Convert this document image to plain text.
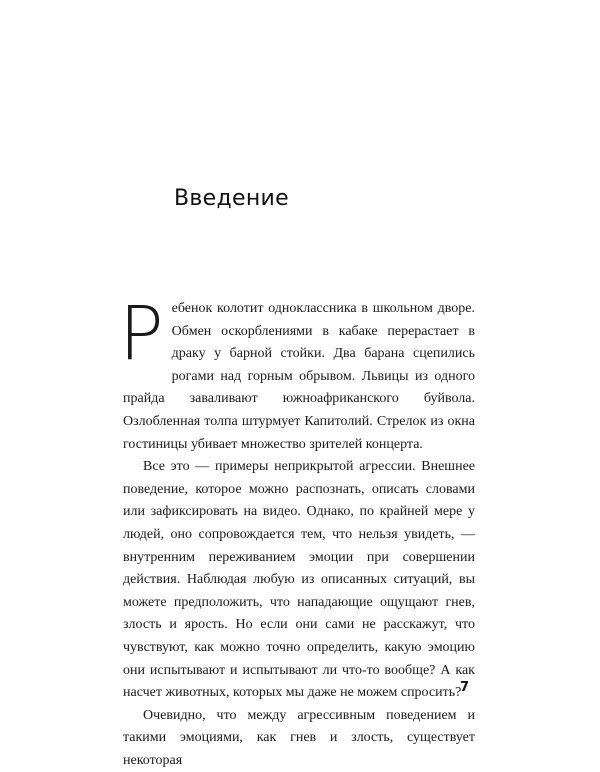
Введение

Ребенок колотит одноклассника в школьном дворе. Обмен оскорблениями в кабаке перерастает в драку у барной стойки. Два барана сцепились рогами над горным обрывом. Львицы из одного прайда заваливают южноафриканского буйвола. Озлобленная толпа штурмует Капитолий. Стрелок из окна гостиницы убивает множество зрителей концерта.

Все это — примеры неприкрытой агрессии. Внешнее поведение, которое можно распознать, описать словами или зафиксировать на видео. Однако, по крайней мере у людей, оно сопровождается тем, что нельзя увидеть, — внутренним переживанием эмоции при совершении действия. Наблюдая любую из описанных ситуаций, вы можете предположить, что нападающие ощущают гнев, злость и ярость. Но если они сами не расскажут, что чувствуют, как можно точно определить, какую эмоцию они испытывают и испытывают ли что-то вообще? А как насчет животных, которых мы даже не можем спросить?

Очевидно, что между агрессивным поведением и такими эмоциями, как гнев и злость, существует некоторая

7
